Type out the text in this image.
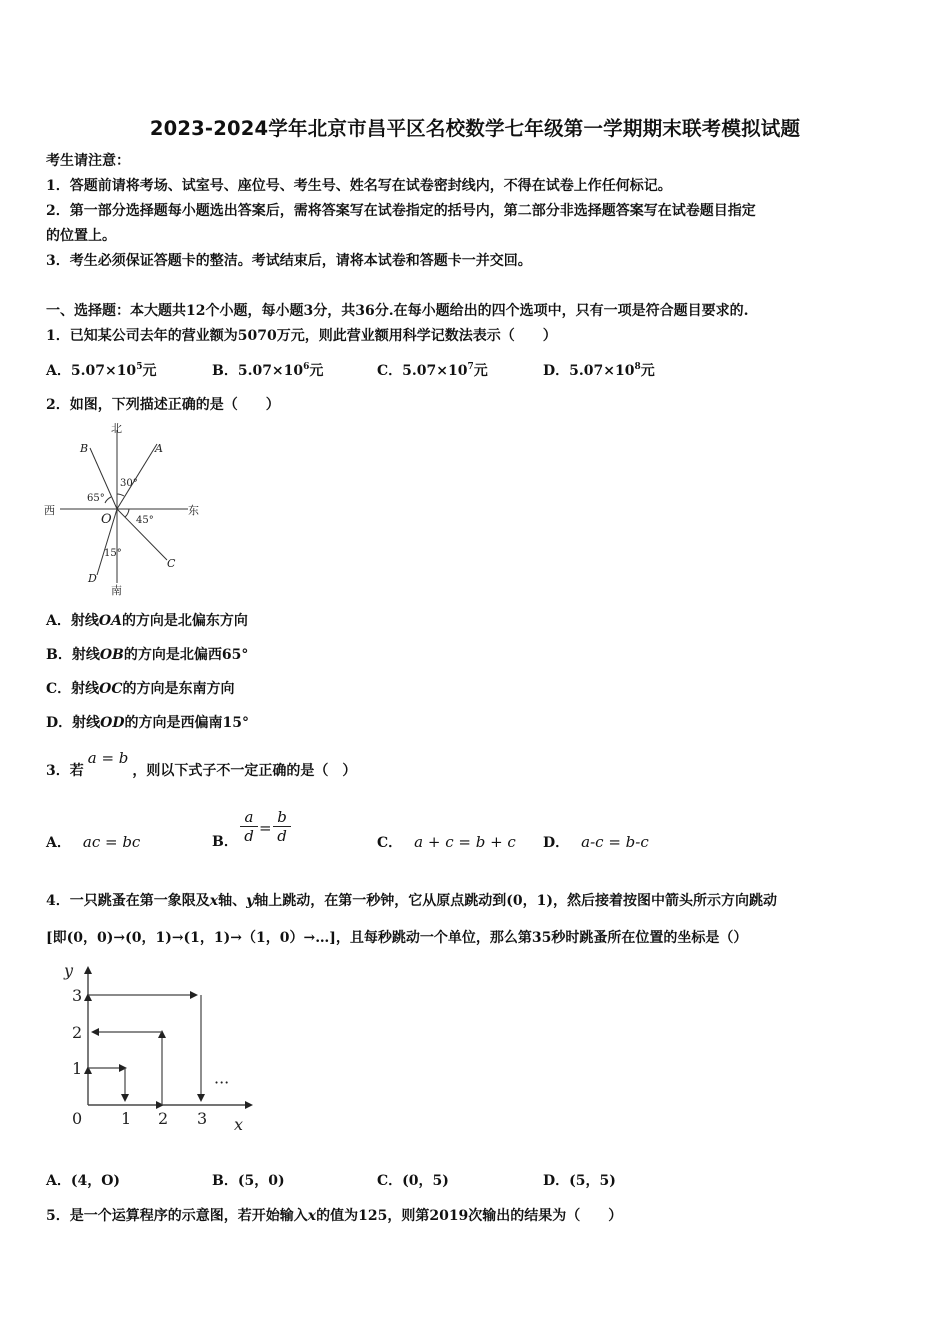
2023-2024学年北京市昌平区名校数学七年级第一学期期末联考模拟试题
考生请注意：
1．答题前请将考场、试室号、座位号、考生号、姓名写在试卷密封线内，不得在试卷上作任何标记。
2．第一部分选择题每小题选出答案后，需将答案写在试卷指定的括号内，第二部分非选择题答案写在试卷题目指定
的位置上。
3．考生必须保证答题卡的整洁。考试结束后，请将本试卷和答题卡一并交回。
一、选择题：本大题共12个小题，每小题3分，共36分.在每小题给出的四个选项中，只有一项是符合题目要求的.
1．已知某公司去年的营业额为5070万元，则此营业额用科学记数法表示（　　）
A．$5.07\times 10^5$元	B．$5.07\times 10^6$元	C．$5.07\times 10^7$元	D．$5.07\times 10^8$元
2．如图，下列描述正确的是（　　）
北
南
西	东
A
B
C
D
O
30°
65°
45°
15°
A．射线OA的方向是北偏东方向
B．射线OB的方向是北偏西65°
C．射线OC的方向是东南方向
D．射线OD的方向是西偏南15°
3．若a = b，则以下式子不一定正确的是（　）
A． ac = bc	B． $\frac{a}{d} = \frac{b}{d}$	C． a + c = b + c D． a-c = b-c
4．一只跳蚤在第一象限及x轴、y轴上跳动，在第一秒钟，它从原点跳动到(0，1)，然后接着按图中箭头所示方向跳动
[即(0，0)→(0，1)→(1，1)→（1，0）→…]，且每秒跳动一个单位，那么第35秒时跳蚤所在位置的坐标是（）
y
x
0 1 2 3
1
2
3
···
A．(4，O)	B．(5，0)	C．(0，5)	D．(5，5)
5．是一个运算程序的示意图，若开始输入x的值为125，则第2019次输出的结果为（　　）
